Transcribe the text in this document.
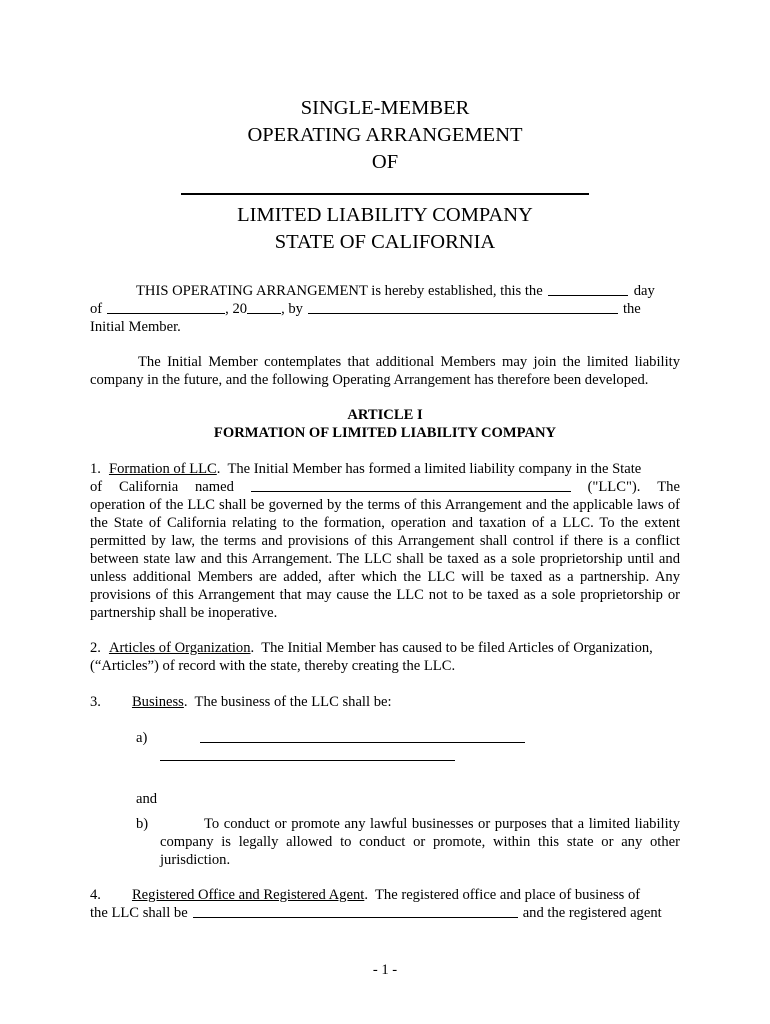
SINGLE-MEMBER
OPERATING ARRANGEMENT
OF
LIMITED LIABILITY COMPANY
STATE OF CALIFORNIA
THIS OPERATING ARRANGEMENT is hereby established, this the	day
of	, 20 , by	the
Initial Member.
The Initial Member contemplates that additional Members may join the limited liability company in the future, and the following Operating Arrangement has therefore been developed.
ARTICLE I
FORMATION OF LIMITED LIABILITY COMPANY
1. Formation of LLC .  The Initial Member has formed a limited liability company in the State
of California named	("LLC"). The
operation of the LLC shall be governed by the terms of this Arrangement and the applicable laws of the State of California relating to the formation, operation and taxation of a LLC. To the extent permitted by law, the terms and provisions of this Arrangement shall control if there is a conflict between state law and this Arrangement. The LLC shall be taxed as a sole proprietorship until and unless additional Members are added, after which the LLC will be taxed as a partnership. Any provisions of this Arrangement that may cause the LLC not to be taxed as a sole proprietorship or partnership shall be inoperative.
2. Articles of Organization .  The Initial Member has caused to be filed Articles of Organization,
(“Articles”) of record with the state, thereby creating the LLC.
3. Business .  The business of the LLC shall be:
a)
and
b)	To conduct or promote any lawful businesses or purposes that a limited liability company is legally allowed to conduct or promote, within this state or any other jurisdiction.
4. Registered Office and Registered Agent .  The registered office and place of business of
the LLC shall be	and the registered agent
- 1 -
